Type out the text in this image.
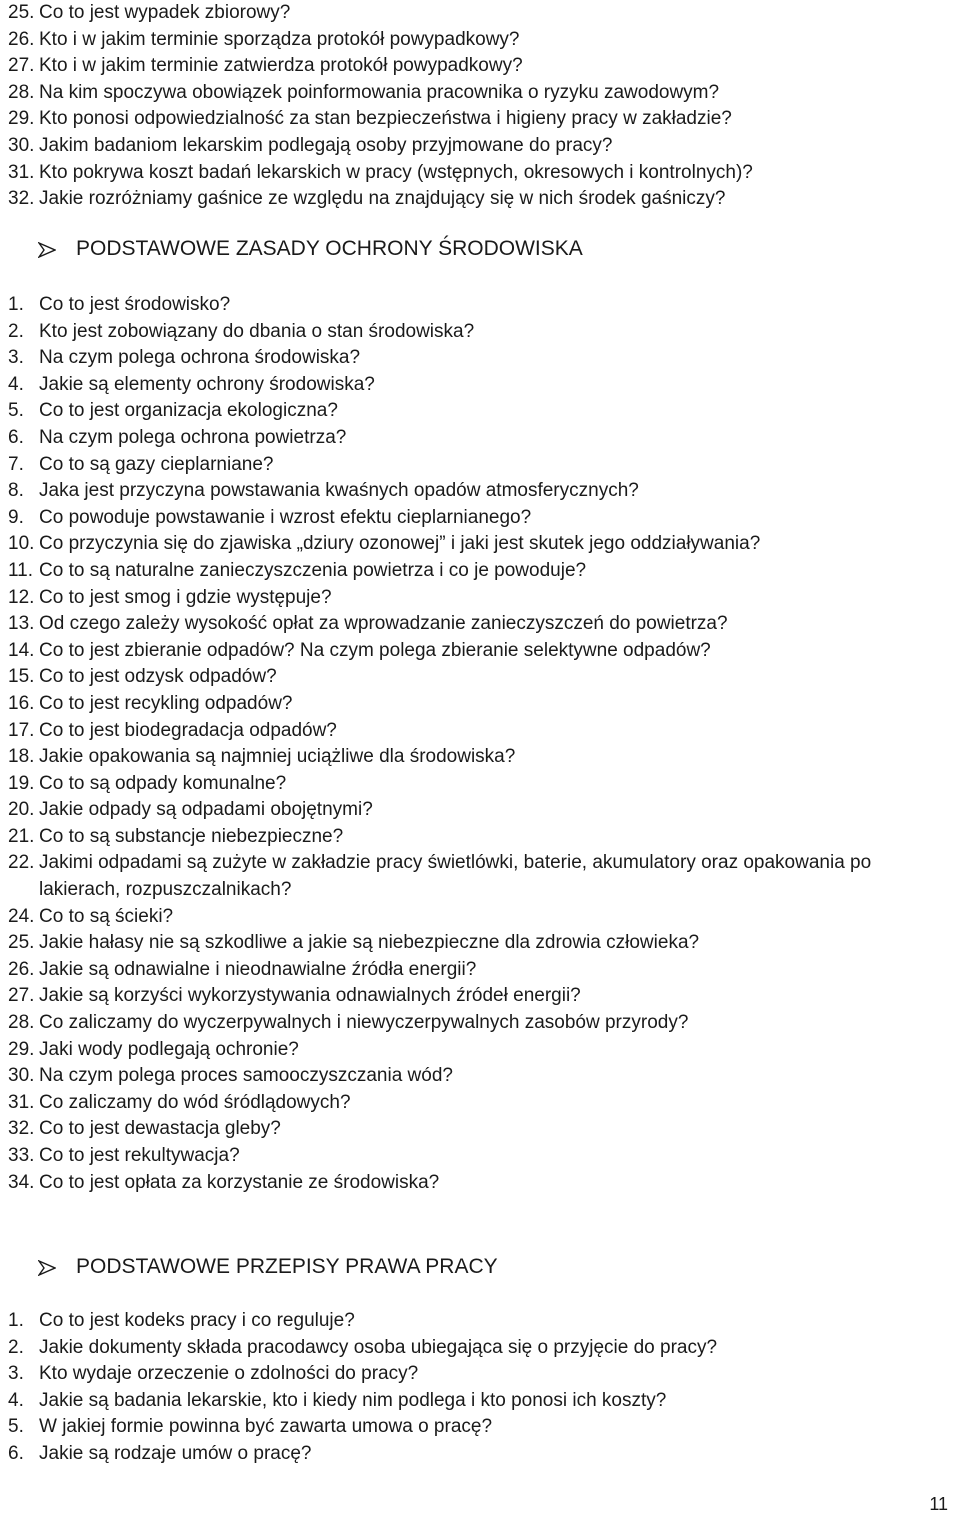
25. Co to jest wypadek zbiorowy?
26. Kto i w jakim terminie sporządza protokół powypadkowy?
27. Kto i w jakim terminie zatwierdza protokół powypadkowy?
28. Na kim spoczywa obowiązek poinformowania pracownika o ryzyku zawodowym?
29. Kto ponosi odpowiedzialność za stan bezpieczeństwa i higieny pracy w zakładzie?
30. Jakim badaniom lekarskim podlegają osoby przyjmowane do pracy?
31. Kto pokrywa koszt badań lekarskich w pracy (wstępnych, okresowych i kontrolnych)?
32. Jakie rozróżniamy gaśnice ze względu na znajdujący się w nich środek gaśniczy?
PODSTAWOWE ZASADY OCHRONY ŚRODOWISKA
1. Co to jest środowisko?
2. Kto jest zobowiązany do dbania o stan środowiska?
3. Na czym polega ochrona środowiska?
4. Jakie są elementy ochrony środowiska?
5. Co to jest organizacja ekologiczna?
6. Na czym polega ochrona powietrza?
7. Co to są gazy cieplarniane?
8. Jaka jest przyczyna powstawania kwaśnych opadów atmosferycznych?
9. Co powoduje powstawanie i wzrost efektu cieplarnianego?
10. Co przyczynia się do zjawiska „dziury ozonowej” i jaki jest skutek jego oddziaływania?
11. Co to są naturalne zanieczyszczenia powietrza i co je powoduje?
12. Co to jest smog i gdzie występuje?
13. Od czego zależy wysokość opłat za wprowadzanie zanieczyszczeń do powietrza?
14. Co to jest zbieranie odpadów? Na czym polega zbieranie selektywne odpadów?
15. Co to jest odzysk odpadów?
16. Co to jest recykling odpadów?
17. Co to jest biodegradacja odpadów?
18. Jakie opakowania są najmniej uciążliwe dla środowiska?
19. Co to są odpady komunalne?
20. Jakie odpady są odpadami obojętnymi?
21. Co to są substancje niebezpieczne?
22. Jakimi odpadami są zużyte w zakładzie pracy świetlówki, baterie, akumulatory oraz opakowania po lakierach, rozpuszczalnikach?
24. Co to są ścieki?
25. Jakie hałasy nie są szkodliwe a jakie są niebezpieczne dla zdrowia człowieka?
26. Jakie są odnawialne i nieodnawialne źródła energii?
27. Jakie są korzyści wykorzystywania odnawialnych źródeł energii?
28. Co zaliczamy do wyczerpywalnych i niewyczerpywalnych zasobów przyrody?
29. Jaki wody podlegają ochronie?
30. Na czym polega proces samooczyszczania wód?
31. Co zaliczamy do wód śródlądowych?
32. Co to jest dewastacja gleby?
33. Co to jest rekultywacja?
34. Co to jest opłata za korzystanie ze środowiska?
PODSTAWOWE PRZEPISY PRAWA PRACY
1. Co to jest kodeks pracy i co reguluje?
2. Jakie dokumenty składa pracodawcy osoba ubiegająca się o przyjęcie do pracy?
3. Kto wydaje orzeczenie o zdolności do pracy?
4. Jakie są badania lekarskie, kto i kiedy nim podlega i kto ponosi ich koszty?
5. W jakiej formie powinna być zawarta umowa o pracę?
6. Jakie są rodzaje umów o pracę?
11
